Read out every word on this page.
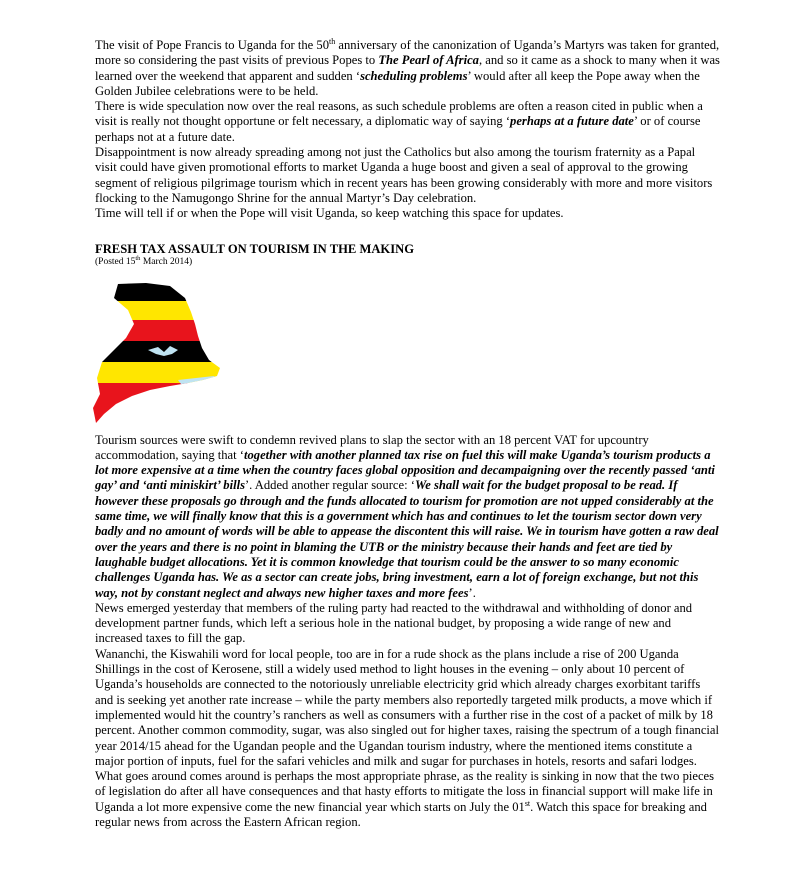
The visit of Pope Francis to Uganda for the 50th anniversary of the canonization of Uganda’s Martyrs was taken for granted, more so considering the past visits of previous Popes to The Pearl of Africa, and so it came as a shock to many when it was learned over the weekend that apparent and sudden ‘scheduling problems’ would after all keep the Pope away when the Golden Jubilee celebrations were to be held.

There is wide speculation now over the real reasons, as such schedule problems are often a reason cited in public when a visit is really not thought opportune or felt necessary, a diplomatic way of saying ‘perhaps at a future date’ or of course perhaps not at a future date.

Disappointment is now already spreading among not just the Catholics but also among the tourism fraternity as a Papal visit could have given promotional efforts to market Uganda a huge boost and given a seal of approval to the growing segment of religious pilgrimage tourism which in recent years has been growing considerably with more and more visitors flocking to the Namugongo Shrine for the annual Martyr’s Day celebration.

Time will tell if or when the Pope will visit Uganda, so keep watching this space for updates.

FRESH TAX ASSAULT ON TOURISM IN THE MAKING

(Posted 15th March 2014)

Tourism sources were swift to condemn revived plans to slap the sector with an 18 percent VAT for upcountry accommodation, saying that ‘together with another planned tax rise on fuel this will make Uganda’s tourism products a lot more expensive at a time when the country faces global opposition and decampaigning over the recently passed ‘anti gay’ and ‘anti miniskirt’ bills’. Added another regular source: ‘We shall wait for the budget proposal to be read. If however these proposals go through and the funds allocated to tourism for promotion are not upped considerably at the same time, we will finally know that this is a government which has and continues to let the tourism sector down very badly and no amount of words will be able to appease the discontent this will raise. We in tourism have gotten a raw deal over the years and there is no point in blaming the UTB or the ministry because their hands and feet are tied by laughable budget allocations. Yet it is common knowledge that tourism could be the answer to so many economic challenges Uganda has. We as a sector can create jobs, bring investment, earn a lot of foreign exchange, but not this way, not by constant neglect and always new higher taxes and more fees’.

News emerged yesterday that members of the ruling party had reacted to the withdrawal and withholding of donor and development partner funds, which left a serious hole in the national budget, by proposing a wide range of new and increased taxes to fill the gap.

Wananchi, the Kiswahili word for local people, too are in for a rude shock as the plans include a rise of 200 Uganda Shillings in the cost of Kerosene, still a widely used method to light houses in the evening – only about 10 percent of Uganda’s households are connected to the notoriously unreliable electricity grid which already charges exorbitant tariffs and is seeking yet another rate increase – while the party members also reportedly targeted milk products, a move which if implemented would hit the country’s ranchers as well as consumers with a further rise in the cost of a packet of milk by 18 percent. Another common commodity, sugar, was also singled out for higher taxes, raising the spectrum of a tough financial year 2014/15 ahead for the Ugandan people and the Ugandan tourism industry, where the mentioned items constitute a major portion of inputs, fuel for the safari vehicles and milk and sugar for purchases in hotels, resorts and safari lodges.

What goes around comes around is perhaps the most appropriate phrase, as the reality is sinking in now that the two pieces of legislation do after all have consequences and that hasty efforts to mitigate the loss in financial support will make life in Uganda a lot more expensive come the new financial year which starts on July the 01st. Watch this space for breaking and regular news from across the Eastern African region.
